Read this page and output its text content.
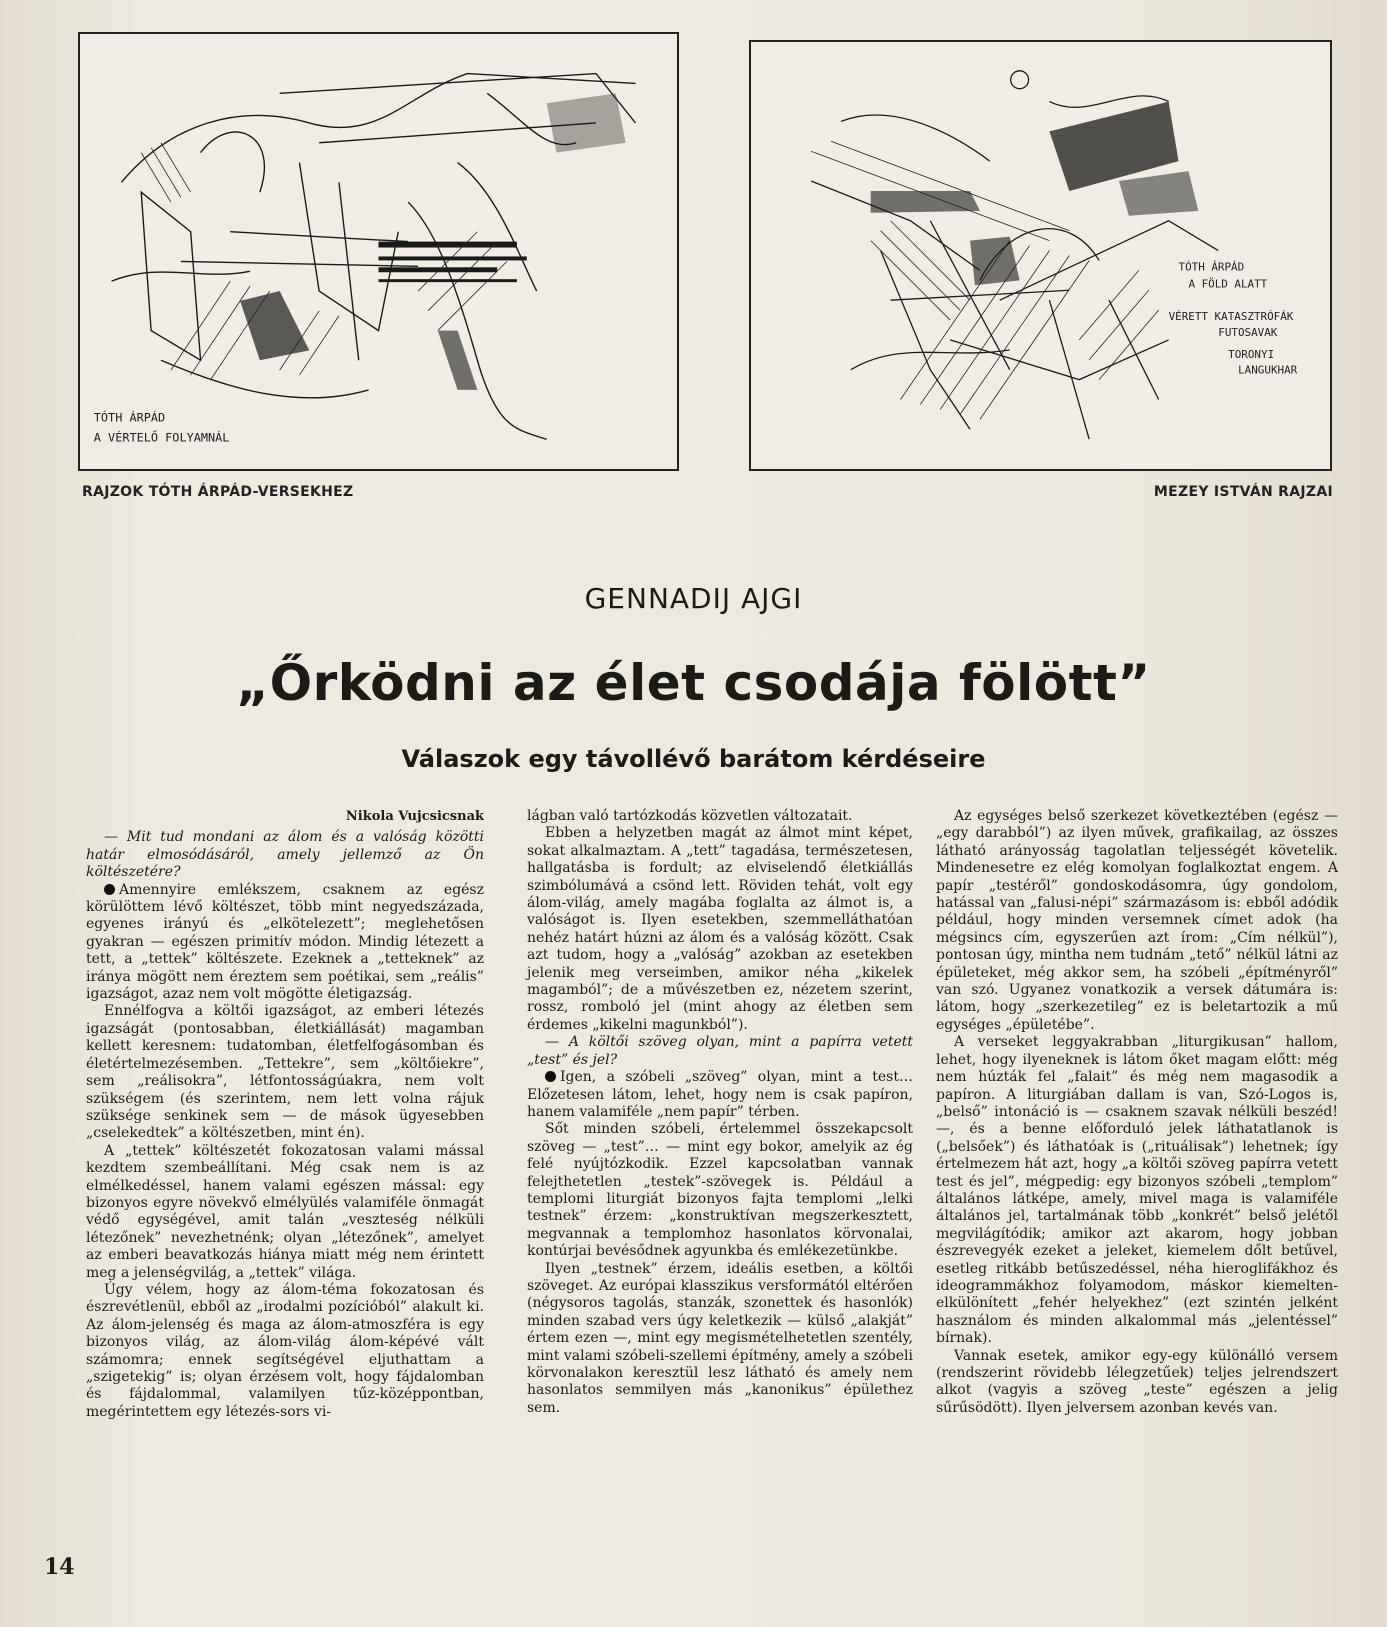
TÓTH ÁRPÁD
A VÉRTELŐ FOLYAMNÁL
TÓTH ÁRPÁD
A FÖLD ALATT
VÉRETT KATASZTRÓFÁK
FUTOSAVAK
TORONYI
LANGUKHAR
RAJZOK TÓTH ÁRPÁD-VERSEKHEZ	MEZEY ISTVÁN RAJZAI
GENNADIJ AJGI
„Őrködni az élet csodája fölött”
Válaszok egy távollévő barátom kérdéseire
Nikola Vujcsicsnak

— Mit tud mondani az álom és a valóság közötti határ elmosódásáról, amely jellemző az Ön költészetére?

Amennyire emlékszem, csaknem az egész körülöttem lévő költészet, több mint negyedszázada, egyenes irányú és „elkötelezett”; meglehetősen gyakran — egészen primitív módon. Mindig létezett a tett, a „tettek” költészete. Ezeknek a „tetteknek” az iránya mögött nem éreztem sem poétikai, sem „reális” igazságot, azaz nem volt mögötte életigazság.

Ennélfogva a költői igazságot, az emberi létezés igazságát (pontosabban, életkiállását) magamban kellett keresnem: tudatomban, életfelfogásomban és életértelmezésemben. „Tettekre”, sem „költőiekre”, sem „reálisokra”, létfontosságúakra, nem volt szükségem (és szerintem, nem lett volna rájuk szüksége senkinek sem — de mások ügyesebben „cselekedtek” a költészetben, mint én).

A „tettek” költészetét fokozatosan valami mással kezdtem szembeállítani. Még csak nem is az elmélkedéssel, hanem valami egészen mással: egy bizonyos egyre növekvő elmélyülés valamiféle önmagát védő egységével, amit talán „veszteség nélküli létezőnek” nevezhetnénk; olyan „létezőnek”, amelyet az emberi beavatkozás hiánya miatt még nem érintett meg a jelenségvilág, a „tettek” világa.

Úgy vélem, hogy az álom-téma fokozatosan és észrevétlenül, ebből az „irodalmi pozícióból” alakult ki. Az álom-jelenség és maga az álom-atmoszféra is egy bizonyos világ, az álom-világ álom-képévé vált számomra; ennek segítségével eljuthattam a „szigetekig” is; olyan érzésem volt, hogy fájdalomban és fájdalommal, valamilyen tűz-középpontban, megérintettem egy létezés-sors vi-

lágban való tartózkodás közvetlen változatait.

Ebben a helyzetben magát az álmot mint képet, sokat alkalmaztam. A „tett” tagadása, természetesen, hallgatásba is fordult; az elviselendő életkiállás szimbólumává a csönd lett. Röviden tehát, volt egy álom-világ, amely magába foglalta az álmot is, a valóságot is. Ilyen esetekben, szemmelláthatóan nehéz határt húzni az álom és a valóság között. Csak azt tudom, hogy a „valóság” azokban az esetekben jelenik meg verseimben, amikor néha „kikelek magamból”; de a művészetben ez, nézetem szerint, rossz, romboló jel (mint ahogy az életben sem érdemes „kikelni magunkból”).

— A költői szöveg olyan, mint a papírra vetett „test” és jel?

Igen, a szóbeli „szöveg” olyan, mint a test… Előzetesen látom, lehet, hogy nem is csak papíron, hanem valamiféle „nem papír” térben.

Sőt minden szóbeli, értelemmel összekapcsolt szöveg — „test”… — mint egy bokor, amelyik az ég felé nyújtózkodik. Ezzel kapcsolatban vannak felejthetetlen „testek”-szövegek is. Például a templomi liturgiát bizonyos fajta templomi „lelki testnek” érzem: „konstruktívan megszerkesztett, megvannak a templomhoz hasonlatos körvonalai, kontúrjai bevésődnek agyunkba és emlékezetünkbe.

Ilyen „testnek” érzem, ideális esetben, a költői szöveget. Az európai klasszikus versformától eltérően (négysoros tagolás, stanzák, szonettek és hasonlók) minden szabad vers úgy keletkezik — külső „alakját” értem ezen —, mint egy megismételhetetlen szentély, mint valami szóbeli-szellemi építmény, amely a szóbeli körvonalakon keresztül lesz látható és amely nem hasonlatos semmilyen más „kanonikus” épülethez sem.

Az egységes belső szerkezet következtében (egész — „egy darabból”) az ilyen művek, grafikailag, az összes látható arányosság tagolatlan teljességét követelik. Mindenesetre ez elég komolyan foglalkoztat engem. A papír „testéről” gondoskodásomra, úgy gondolom, hatással van „falusi-népi” származásom is: ebből adódik például, hogy minden versemnek címet adok (ha mégsincs cím, egyszerűen azt írom: „Cím nélkül”), pontosan úgy, mintha nem tudnám „tető” nélkül látni az épületeket, még akkor sem, ha szóbeli „építményről” van szó. Ugyanez vonatkozik a versek dátumára is: látom, hogy „szerkezetileg” ez is beletartozik a mű egységes „épületébe”.

A verseket leggyakrabban „liturgikusan” hallom, lehet, hogy ilyeneknek is látom őket magam előtt: még nem húzták fel „falait” és még nem magasodik a papíron. A liturgiában dallam is van, Szó-Logos is, „belső” intonáció is — csaknem szavak nélküli beszéd! —, és a benne előforduló jelek láthatatlanok is („belsőek”) és láthatóak is („rituálisak”) lehetnek; így értelmezem hát azt, hogy „a költői szöveg papírra vetett test és jel”, mégpedig: egy bizonyos szóbeli „templom” általános látképe, amely, mivel maga is valamiféle általános jel, tartalmának több „konkrét” belső jelétől megvilágítódik; amikor azt akarom, hogy jobban észrevegyék ezeket a jeleket, kiemelem dőlt betűvel, esetleg ritkább betűszedéssel, néha hieroglifákhoz és ideogrammákhoz folyamodom, máskor kiemelten-elkülönített „fehér helyekhez” (ezt szintén jelként használom és minden alkalommal más „jelentéssel” bírnak).

Vannak esetek, amikor egy-egy különálló versem (rendszerint rövidebb lélegzetűek) teljes jelrendszert alkot (vagyis a szöveg „teste” egészen a jelig sűrűsödött). Ilyen jelversem azonban kevés van.

14
